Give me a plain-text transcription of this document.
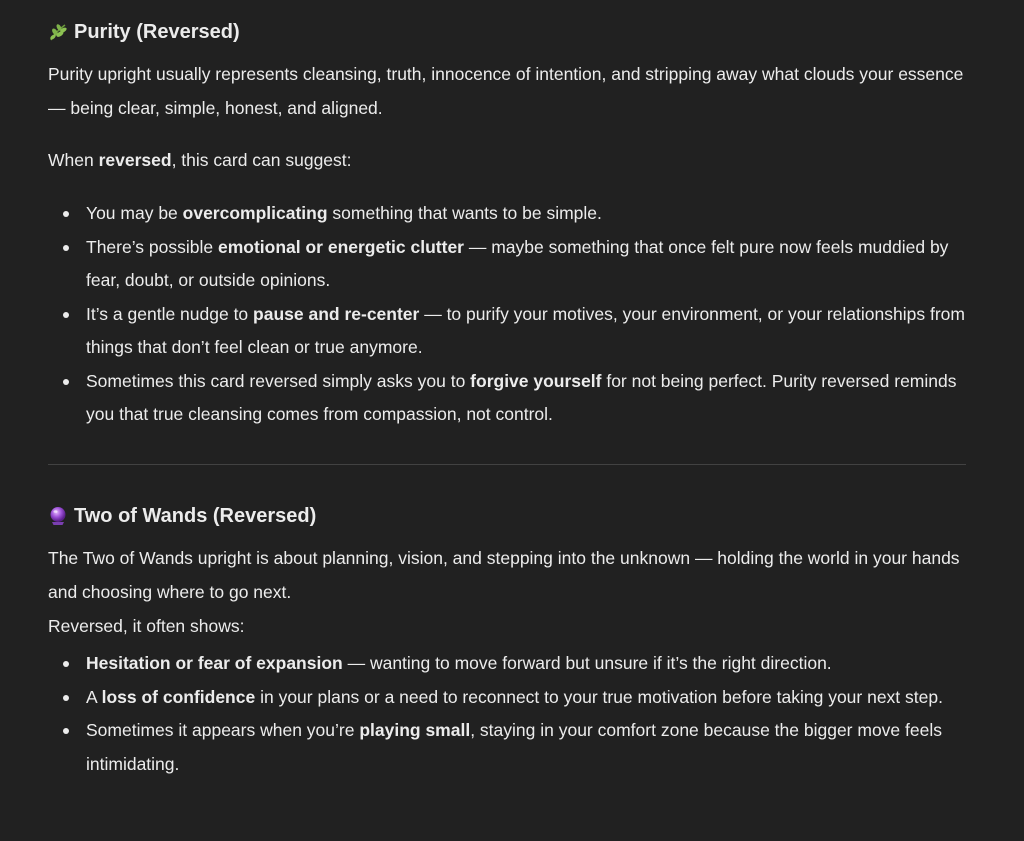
Purity (Reversed)

Purity upright usually represents cleansing, truth, innocence of intention, and stripping away what clouds your essence — being clear, simple, honest, and aligned.

When reversed, this card can suggest:

You may be overcomplicating something that wants to be simple.
There’s possible emotional or energetic clutter — maybe something that once felt pure now feels muddied by fear, doubt, or outside opinions.
It’s a gentle nudge to pause and re-center — to purify your motives, your environment, or your relationships from things that don’t feel clean or true anymore.
Sometimes this card reversed simply asks you to forgive yourself for not being perfect. Purity reversed reminds you that true cleansing comes from compassion, not control.
Two of Wands (Reversed)

The Two of Wands upright is about planning, vision, and stepping into the unknown — holding the world in your hands and choosing where to go next.

Reversed, it often shows:

Hesitation or fear of expansion — wanting to move forward but unsure if it’s the right direction.
A loss of confidence in your plans or a need to reconnect to your true motivation before taking your next step.
Sometimes it appears when you’re playing small, staying in your comfort zone because the bigger move feels intimidating.
